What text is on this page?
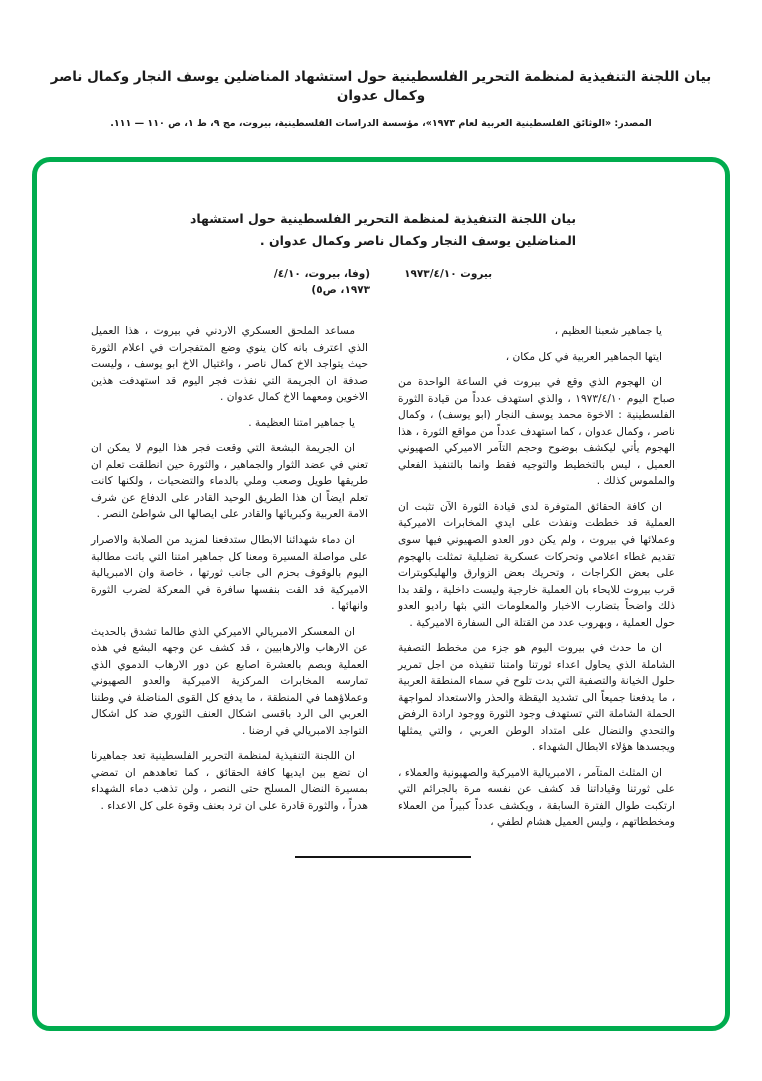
بيان اللجنة التنفيذية لمنظمة التحرير الفلسطينية حول استشهاد المناضلين يوسف النجار وكمال ناصر وكمال عدوان

المصدر: «الوثائق الفلسطينية العربية لعام ١٩٧٣»، مؤسسة الدراسات الفلسطينية، بيروت، مج ٩، ط ١، ص ١١٠ — ١١١.

بيان اللجنة التنفيذية لمنظمة التحرير الفلسطينية حول استشهاد
المناضلين يوسف النجار وكمال ناصر وكمال عدوان .
بيروت ١٩٧٣/٤/١٠
(وفا، بيروت، ٤/١٠/
١٩٧٣، ص٥)

يا جماهير شعبنا العظيم ،

ايتها الجماهير العربية في كل مكان ،

ان الهجوم الذي وقع في بيروت في الساعة الواحدة من صباح اليوم ١٩٧٣/٤/١٠ ، والذي استهدف عدداً من قيادة الثورة الفلسطينية : الاخوة محمد يوسف النجار (ابو يوسف) ، وكمال ناصر ، وكمال عدوان ، كما استهدف عدداً من مواقع الثورة ، هذا الهجوم يأتي ليكشف بوضوح وحجم التآمر الاميركي الصهيوني العميل ، ليس بالتخطيط والتوجيه فقط وانما بالتنفيذ الفعلي والملموس كذلك .

ان كافة الحقائق المتوفرة لدى قيادة الثورة الآن تثبت ان العملية قد خططت ونفذت على ايدي المخابرات الاميركية وعملائها في بيروت ، ولم يكن دور العدو الصهيوني فيها سوى تقديم غطاء اعلامي وتحركات عسكرية تضليلية تمثلت بالهجوم على بعض الكراجات ، وتحريك بعض الزوارق والهليكوبترات قرب بيروت للايحاء بان العملية خارجية وليست داخلية ، ولقد بدا ذلك واضحاً بتضارب الاخبار والمعلومات التي بثها راديو العدو حول العملية ، وبهروب عدد من القتلة الى السفارة الاميركية .

ان ما حدث في بيروت اليوم هو جزء من مخطط التصفية الشاملة الذي يحاول اعداء ثورتنا وامتنا تنفيذه من اجل تمرير حلول الخيانة والتصفية التي بدت تلوح في سماء المنطقة العربية ، ما يدفعنا جميعاً الى تشديد اليقظة والحذر والاستعداد لمواجهة الحملة الشاملة التي تستهدف وجود الثورة ووجود ارادة الرفض والتحدي والنضال على امتداد الوطن العربي ، والتي يمثلها ويجسدها هؤلاء الابطال الشهداء .

ان المثلث المتآمر ، الامبريالية الاميركية والصهيونية والعملاء ، على ثورتنا وقياداتنا قد كشف عن نفسه مرة بالجرائم التي ارتكبت طوال الفترة السابقة ، ويكشف عدداً كبيراً من العملاء ومخططاتهم ، وليس العميل هشام لطفي ،

مساعد الملحق العسكري الاردني في بيروت ، هذا العميل الذي اعترف بانه كان ينوي وضع المتفجرات في اعلام الثورة حيث يتواجد الاخ كمال ناصر ، واغتيال الاخ ابو يوسف ، وليست صدفة ان الجريمة التي نفذت فجر اليوم قد استهدفت هذين الاخوين ومعهما الاخ كمال عدوان .

يا جماهير امتنا العظيمة .

ان الجريمة البشعة التي وقعت فجر هذا اليوم لا يمكن ان تعني في عضد الثوار والجماهير ، والثورة حين انطلقت تعلم ان طريقها طويل وصعب وملي بالدماء والتضحيات ، ولكنها كانت تعلم ايضاً ان هذا الطريق الوحيد القادر على الدفاع عن شرف الامة العربية وكبريائها والقادر على ايصالها الى شواطئ النصر .

ان دماء شهدائنا الابطال ستدفعنا لمزيد من الصلابة والاصرار على مواصلة المسيرة ومعنا كل جماهير امتنا التي باتت مطالبة اليوم بالوقوف بحزم الى جانب ثورتها ، خاصة وان الامبريالية الاميركية قد القت بنفسها سافرة في المعركة لضرب الثورة وانهائها .

ان المعسكر الامبريالي الاميركي الذي طالما تشدق بالحديث عن الارهاب والارهابيين ، قد كشف عن وجهه البشع في هذه العملية وبصم بالعشرة اصابع عن دور الارهاب الدموي الذي تمارسه المخابرات المركزية الاميركية والعدو الصهيوني وعملاؤهما في المنطقة ، ما يدفع كل القوى المناضلة في وطننا العربي الى الرد باقسى اشكال العنف الثوري ضد كل اشكال التواجد الامبريالي في ارضنا .

ان اللجنة التنفيذية لمنظمة التحرير الفلسطينية تعد جماهيرنا ان تضع بين ايديها كافة الحقائق ، كما تعاهدهم ان تمضي بمسيرة النضال المسلح حتى النصر ، ولن تذهب دماء الشهداء هدراً ، والثورة قادرة على ان ترد بعنف وقوة على كل الاعداء .
